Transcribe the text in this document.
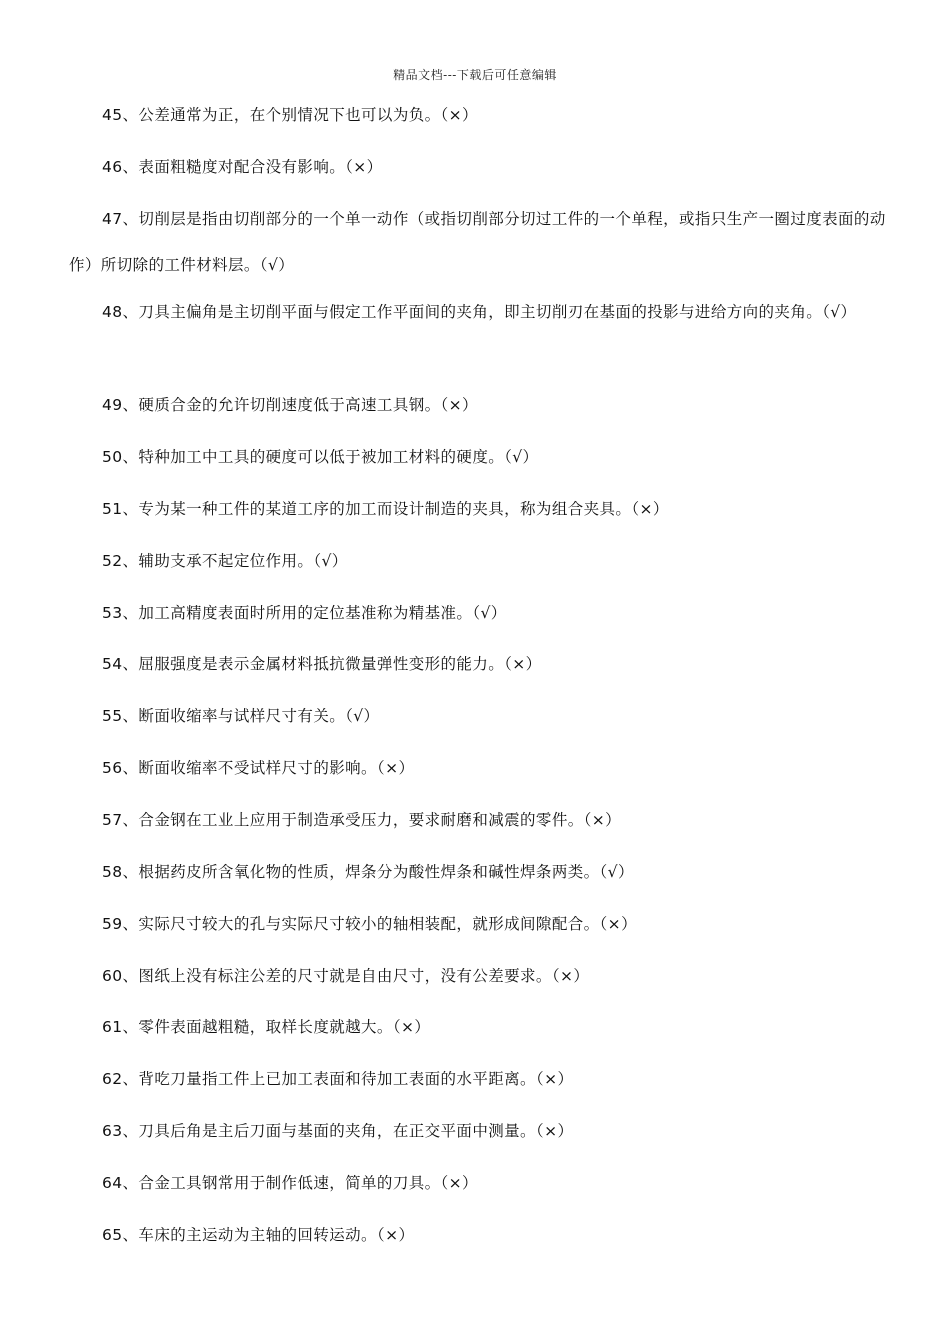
精品文档---下载后可任意编辑
45、公差通常为正，在个别情况下也可以为负。（×）
46、表面粗糙度对配合没有影响。（×）
47、切削层是指由切削部分的一个单一动作（或指切削部分切过工件的一个单程，或指只生产一圈过度表面的动作）所切除的工件材料层。（√）
48、刀具主偏角是主切削平面与假定工作平面间的夹角，即主切削刃在基面的投影与进给方向的夹角。（√）
49、硬质合金的允许切削速度低于高速工具钢。（×）
50、特种加工中工具的硬度可以低于被加工材料的硬度。（√）
51、专为某一种工件的某道工序的加工而设计制造的夹具，称为组合夹具。（×）
52、辅助支承不起定位作用。（√）
53、加工高精度表面时所用的定位基准称为精基准。（√）
54、屈服强度是表示金属材料抵抗微量弹性变形的能力。（×）
55、断面收缩率与试样尺寸有关。（√）
56、断面收缩率不受试样尺寸的影响。（×）
57、合金钢在工业上应用于制造承受压力，要求耐磨和减震的零件。（×）
58、根据药皮所含氧化物的性质，焊条分为酸性焊条和碱性焊条两类。（√）
59、实际尺寸较大的孔与实际尺寸较小的轴相装配，就形成间隙配合。（×）
60、图纸上没有标注公差的尺寸就是自由尺寸，没有公差要求。（×）
61、零件表面越粗糙，取样长度就越大。（×）
62、背吃刀量指工件上已加工表面和待加工表面的水平距离。（×）
63、刀具后角是主后刀面与基面的夹角，在正交平面中测量。（×）
64、合金工具钢常用于制作低速，简单的刀具。（×）
65、车床的主运动为主轴的回转运动。（×）
